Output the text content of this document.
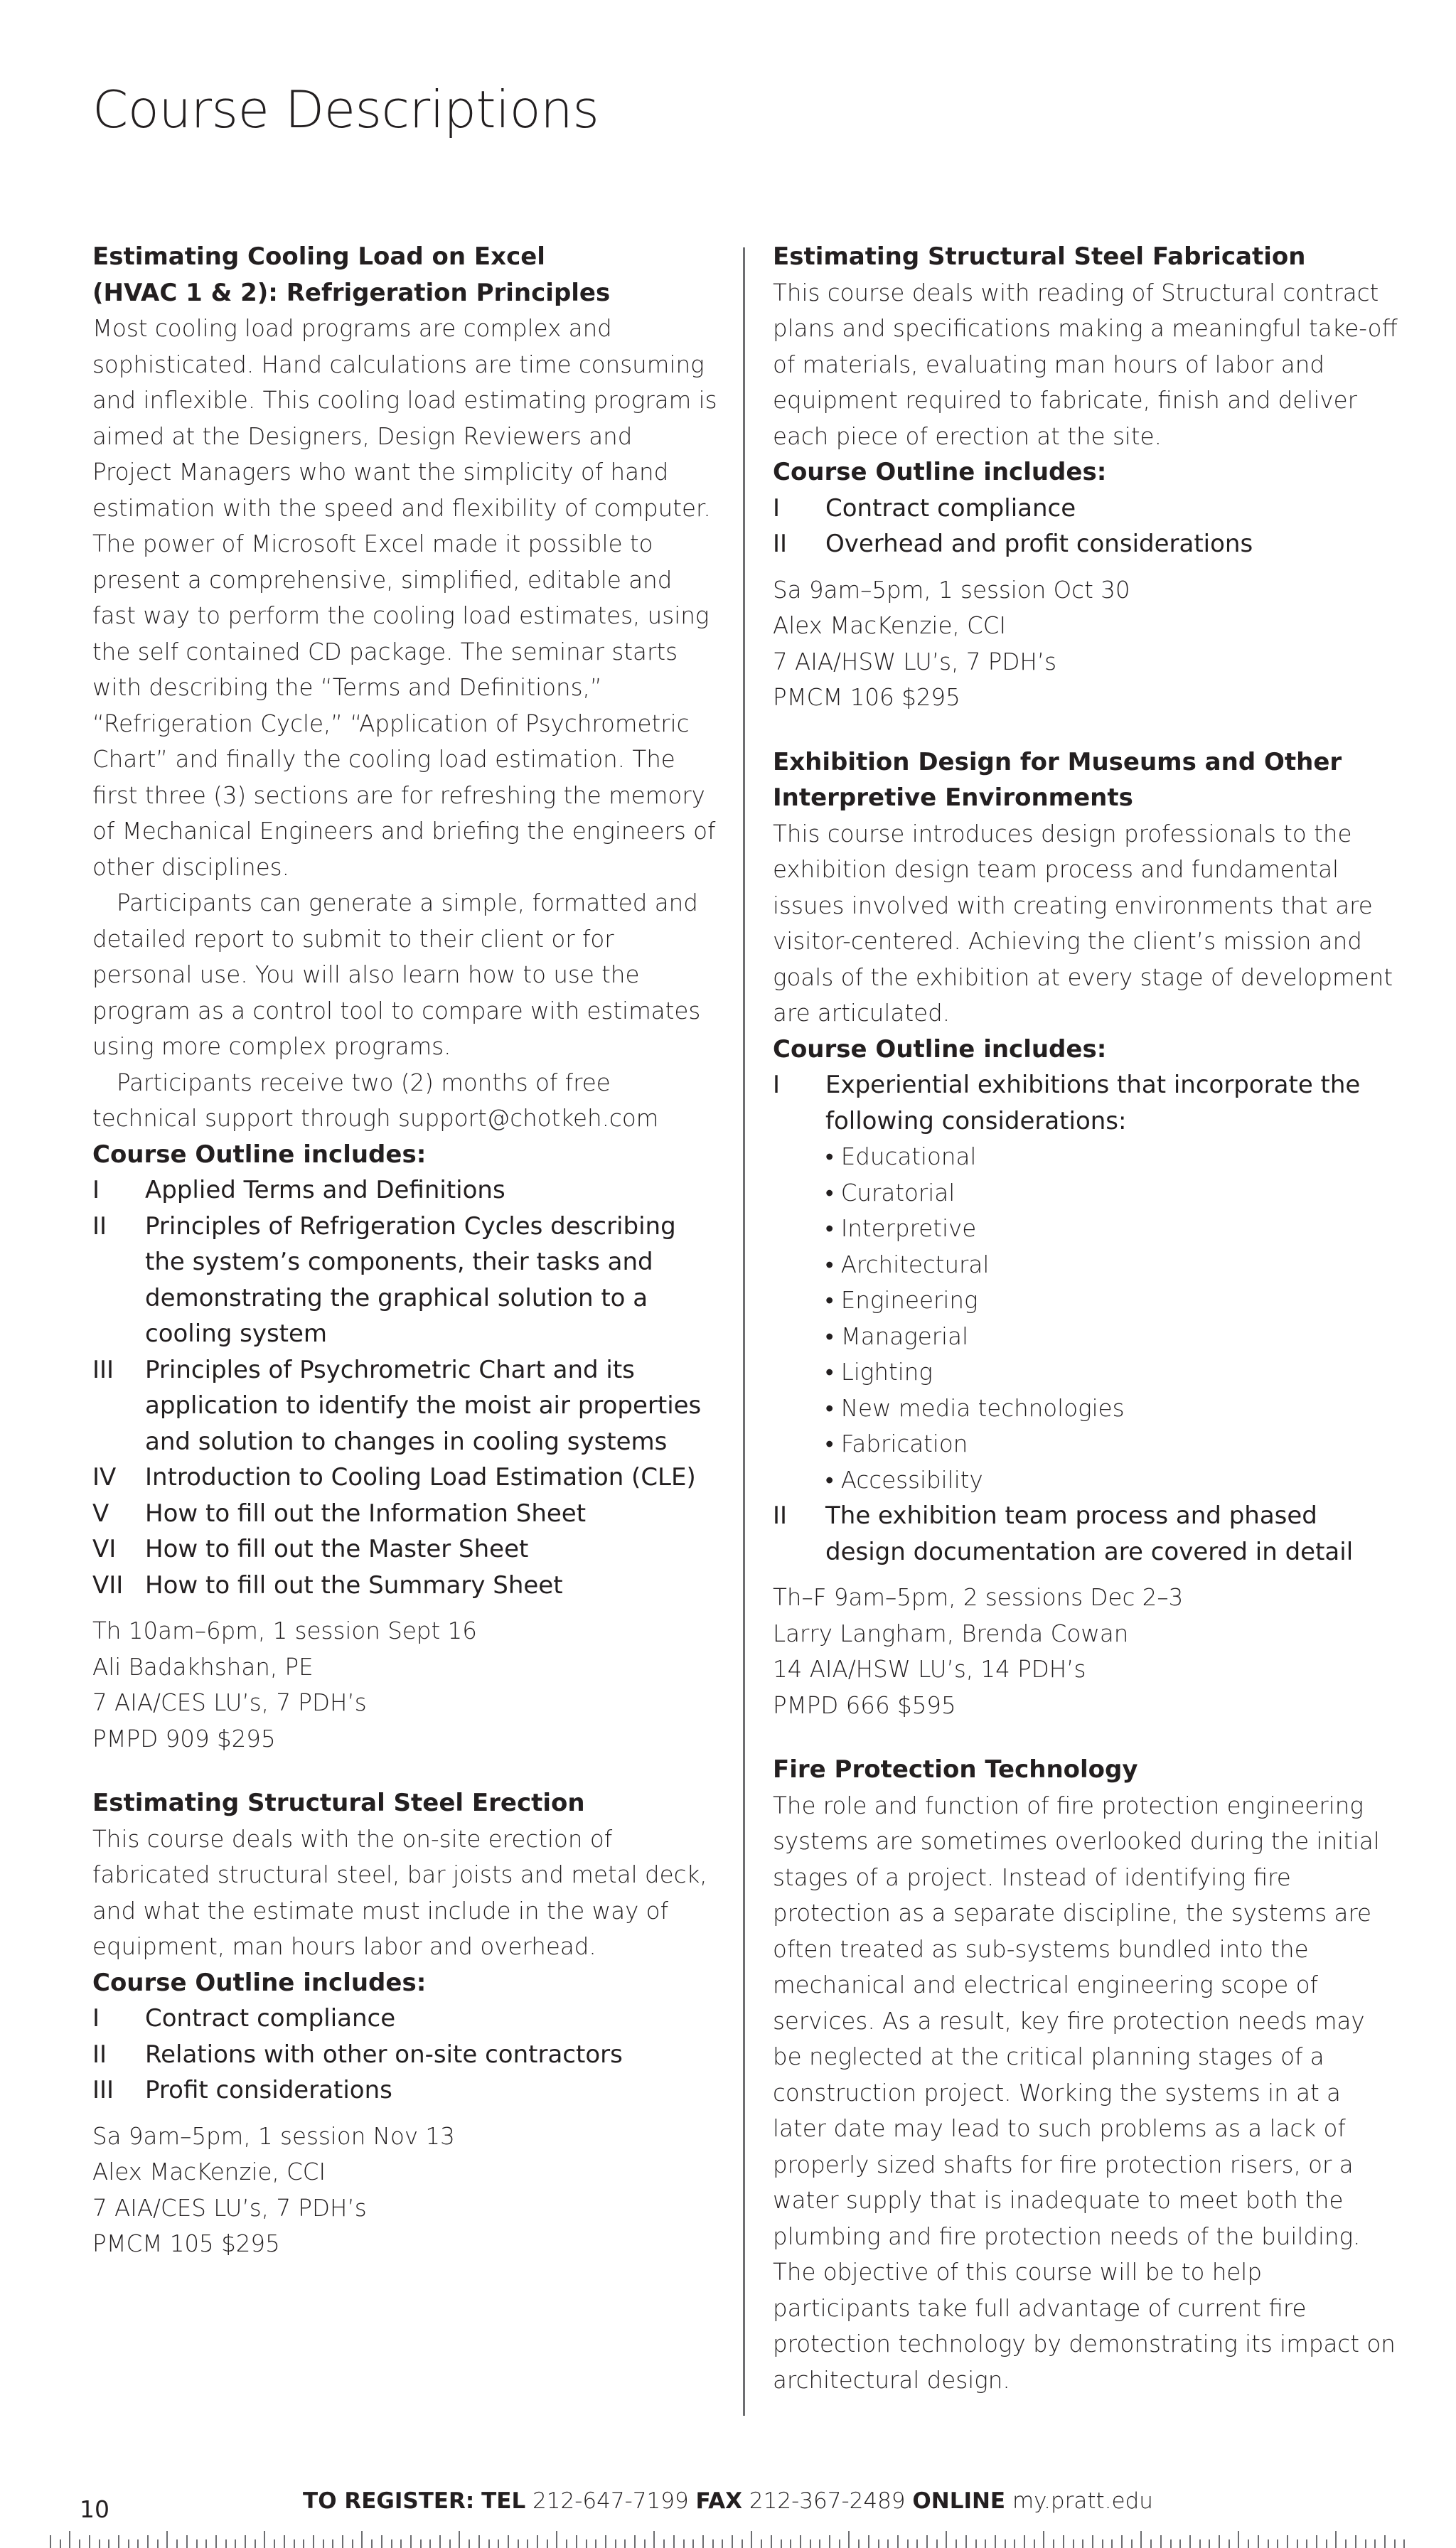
Course Descriptions
Estimating Cooling Load on Excel
(HVAC 1 & 2): Refrigeration Principles

Most cooling load programs are complex and sophisticated. Hand calculations are time consuming and inflexible. This cooling load estimating program is aimed at the Designers, Design Reviewers and Project Managers who want the simplicity of hand estimation with the speed and flexibility of computer. The power of Microsoft Excel made it possible to present a comprehensive, simplified, editable and fast way to perform the cooling load estimates, using the self contained CD package. The seminar starts with describing the “Terms and Definitions,” “Refrigeration Cycle,” “Application of Psychrometric Chart” and finally the cooling load estimation. The first three (3) sections are for refreshing the memory of Mechanical Engineers and briefing the engineers of other disciplines.

Participants can generate a simple, formatted and detailed report to submit to their client or for personal use. You will also learn how to use the program as a control tool to compare with estimates using more complex programs.

Participants receive two (2) months of free technical support through support@chotkeh.com

Course Outline includes:
I	Applied Terms and Definitions
II	Principles of Refrigeration Cycles describing the system’s components, their tasks and demonstrating the graphical solution to a cooling system
III	Principles of Psychrometric Chart and its application to identify the moist air properties and solution to changes in cooling systems
IV	Introduction to Cooling Load Estimation (CLE)
V	How to fill out the Information Sheet
VI	How to fill out the Master Sheet
VII How to fill out the Summary Sheet

Th 10am–6pm, 1 session Sept 16

Ali Badakhshan, PE

7 AIA/CES LU’s, 7 PDH’s

PMPD 909 $295

Estimating Structural Steel Erection

This course deals with the on-site erection of fabricated structural steel, bar joists and metal deck, and what the estimate must include in the way of equipment, man hours labor and overhead.

Course Outline includes:
I	Contract compliance
II	Relations with other on-site contractors
III	Profit considerations

Sa 9am–5pm, 1 session Nov 13

Alex MacKenzie, CCI

7 AIA/CES LU’s, 7 PDH’s

PMCM 105 $295

Estimating Structural Steel Fabrication

This course deals with reading of Structural contract plans and specifications making a meaningful take-off of materials, evaluating man hours of labor and equipment required to fabricate, finish and deliver each piece of erection at the site.

Course Outline includes:
I	Contract compliance
II	Overhead and profit considerations

Sa 9am–5pm, 1 session Oct 30

Alex MacKenzie, CCI

7 AIA/HSW LU’s, 7 PDH’s

PMCM 106 $295

Exhibition Design for Museums and Other
Interpretive Environments

This course introduces design professionals to the exhibition design team process and fundamental issues involved with creating environments that are visitor-centered. Achieving the client’s mission and goals of the exhibition at every stage of development are articulated.

Course Outline includes:
I	Experiential exhibitions that incorporate the following considerations:
• Educational
• Curatorial
• Interpretive
• Architectural
• Engineering
• Managerial
• Lighting
• New media technologies
• Fabrication
• Accessibility
II	The exhibition team process and phased design documentation are covered in detail

Th–F 9am–5pm, 2 sessions Dec 2–3

Larry Langham, Brenda Cowan

14 AIA/HSW LU’s, 14 PDH’s

PMPD 666 $595

Fire Protection Technology

The role and function of fire protection engineering systems are sometimes overlooked during the initial stages of a project. Instead of identifying fire protection as a separate discipline, the systems are often treated as sub-systems bundled into the mechanical and electrical engineering scope of services. As a result, key fire protection needs may be neglected at the critical planning stages of a construction project. Working the systems in at a later date may lead to such problems as a lack of properly sized shafts for fire protection risers, or a water supply that is inadequate to meet both the plumbing and fire protection needs of the building. The objective of this course will be to help participants take full advantage of current fire protection technology by demonstrating its impact on architectural design.

TO REGISTER: TEL 212-647-7199 FAX 212-367-2489 ONLINE my.pratt.edu
10
